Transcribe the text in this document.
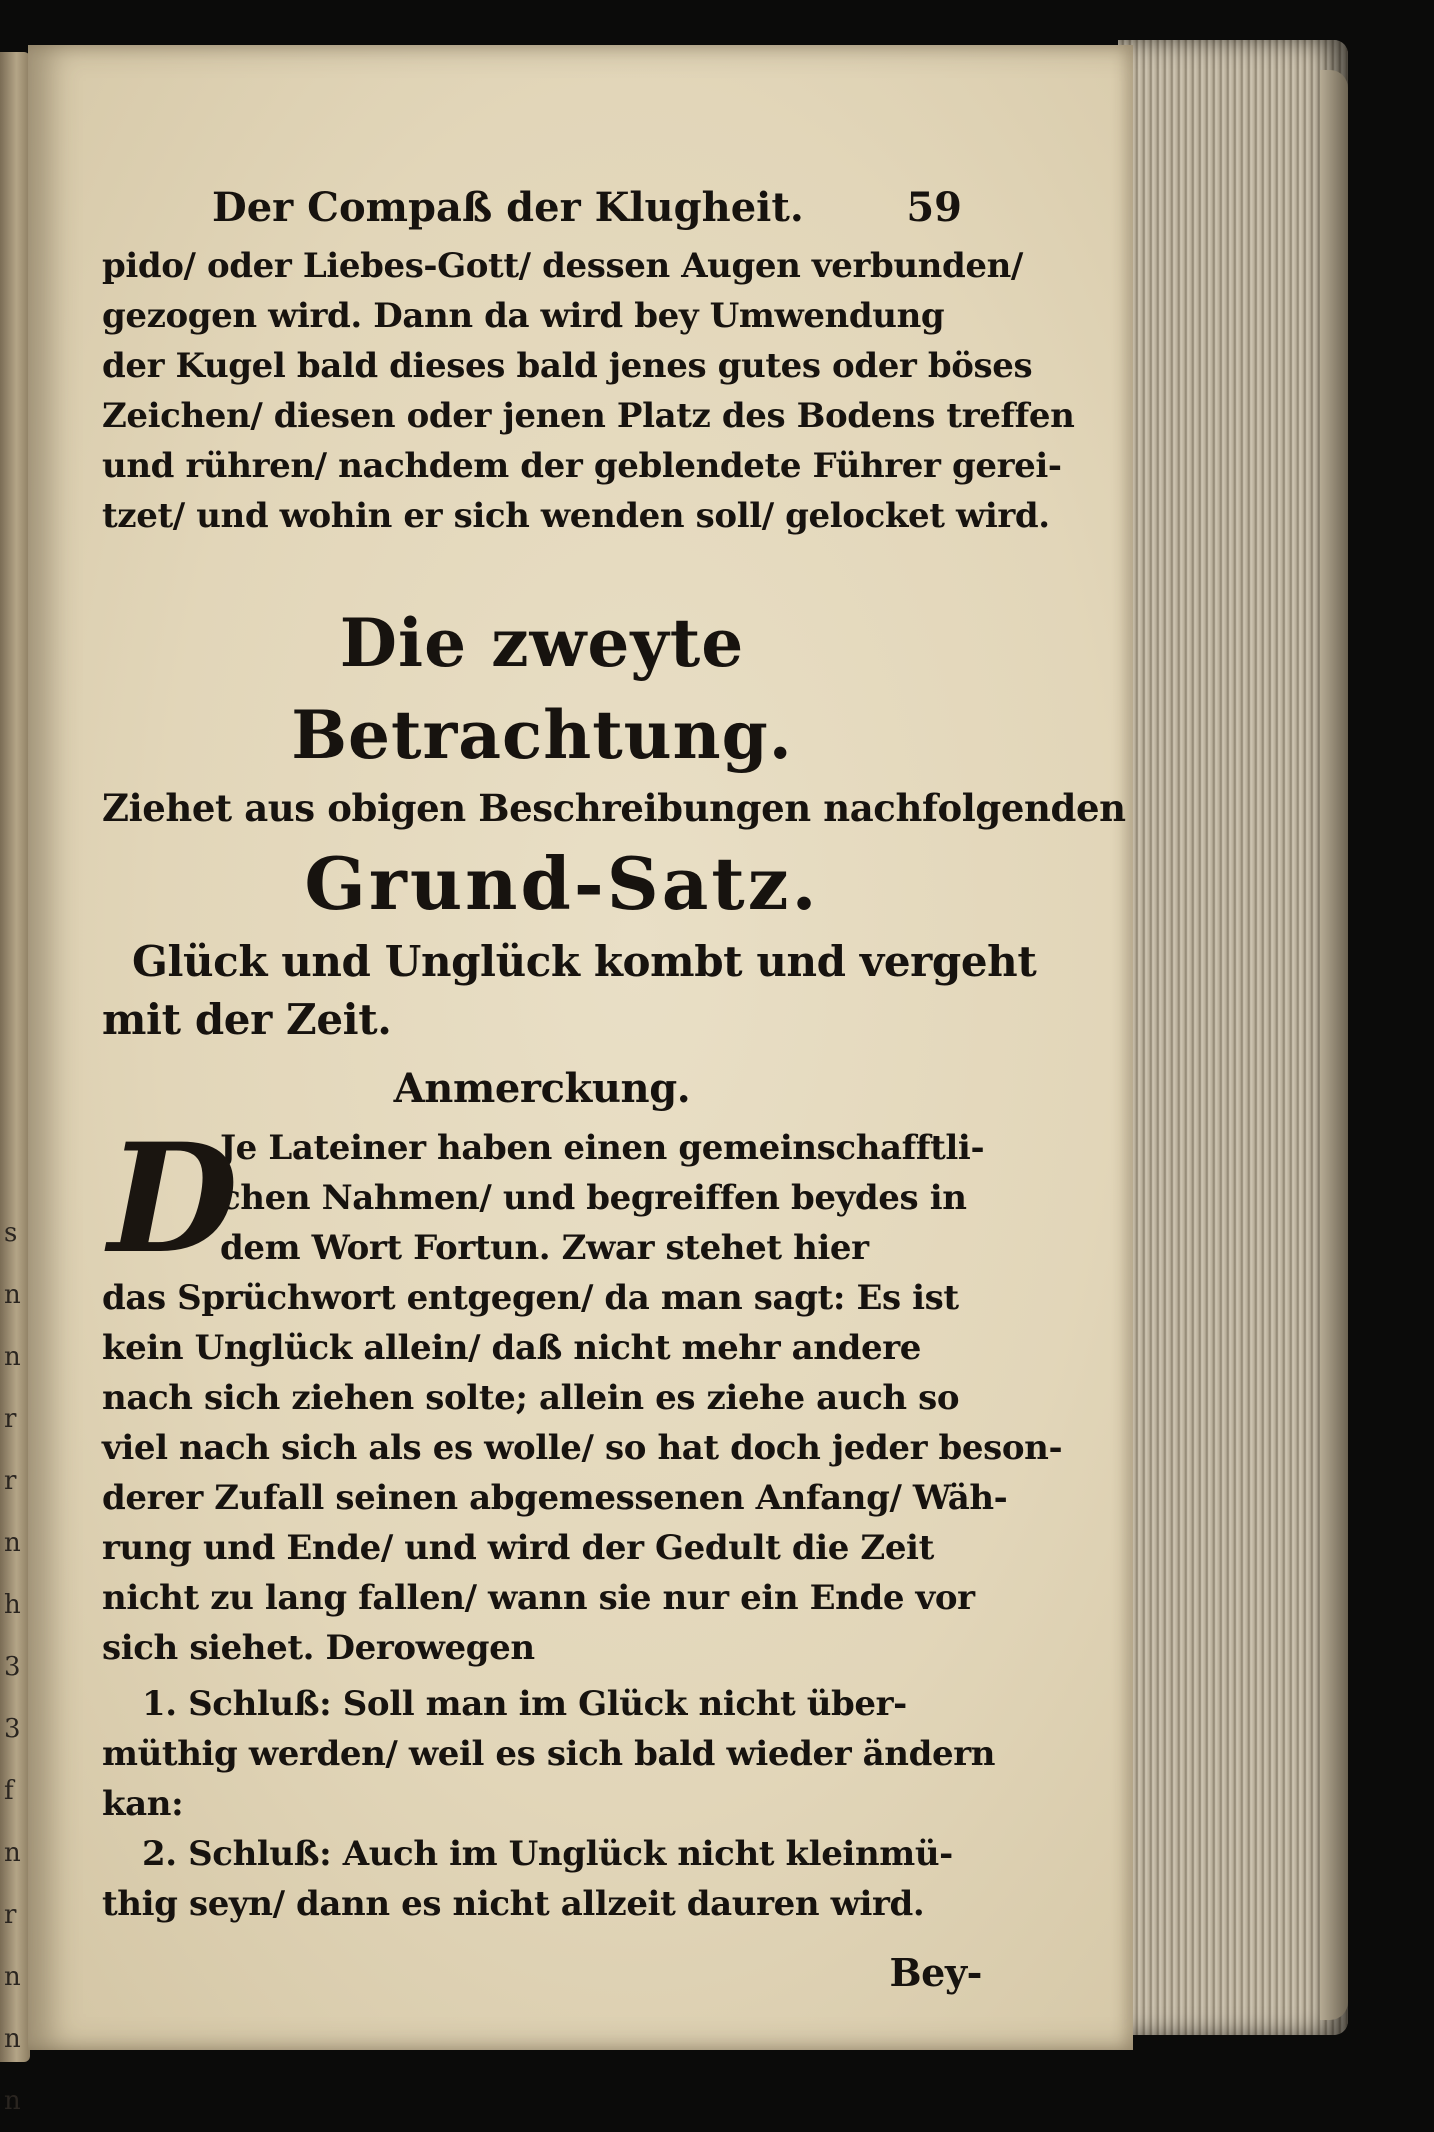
s
n
n
r
r
n
h
3
3
f
n
r
n
n
n
Der Compaß der Klugheit.	59
pido/ oder Liebes-Gott/ dessen Augen verbunden/
gezogen wird. Dann da wird bey Umwendung
der Kugel bald dieses bald jenes gutes oder böses
Zeichen/ diesen oder jenen Platz des Bodens treffen
und rühren/ nachdem der geblendete Führer gerei-
tzet/ und wohin er sich wenden soll/ gelocket wird.
Die zweyte Betrachtung.
Ziehet aus obigen Beschreibungen nachfolgenden
Grund-Satz.
Glück und Unglück kombt und vergeht
mit der Zeit.
Anmerckung.
D
Je Lateiner haben einen gemeinschafftli-
chen Nahmen/ und begreiffen beydes in
dem Wort Fortun. Zwar stehet hier
das Sprüchwort entgegen/ da man sagt: Es ist
kein Unglück allein/ daß nicht mehr andere
nach sich ziehen solte; allein es ziehe auch so
viel nach sich als es wolle/ so hat doch jeder beson-
derer Zufall seinen abgemessenen Anfang/ Wäh-
rung und Ende/ und wird der Gedult die Zeit
nicht zu lang fallen/ wann sie nur ein Ende vor
sich siehet. Derowegen
1. Schluß: Soll man im Glück nicht über-
müthig werden/ weil es sich bald wieder ändern
kan:
2. Schluß: Auch im Unglück nicht kleinmü-
thig seyn/ dann es nicht allzeit dauren wird.
Bey-
